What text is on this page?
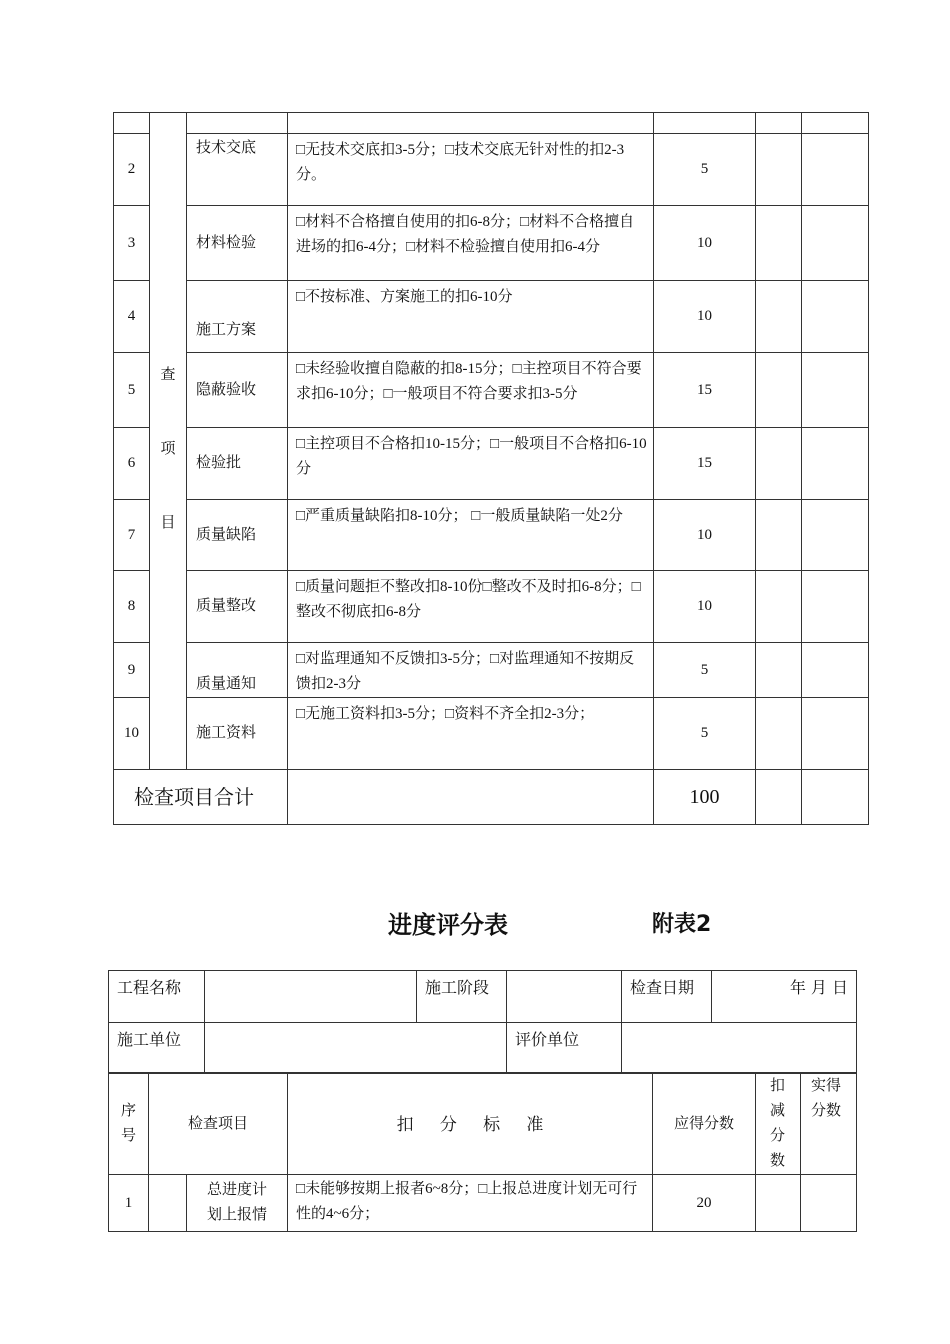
	查
项
目					

2		技术交底	□无技术交底扣3-5分；□技术交底无针对性的扣2-3分。	5		
3		材料检验	□材料不合格擅自使用的扣6-8分；□材料不合格擅自进场的扣6-4分；□材料不检验擅自使用扣6-4分	10		
4		施工方案	□不按标准、方案施工的扣6-10分	10		
5		隐蔽验收	□未经验收擅自隐蔽的扣8-15分；□主控项目不符合要求扣6-10分；□一般项目不符合要求扣3-5分	15		
6		检验批	□主控项目不合格扣10-15分；□一般项目不合格扣6-10分	15		
7		质量缺陷	□严重质量缺陷扣8-10分； □一般质量缺陷一处2分	10		
8		质量整改	□质量问题拒不整改扣8-10份□整改不及时扣6-8分；□整改不彻底扣6-8分	10		
9		质量通知	□对监理通知不反馈扣3-5分；□对监理通知不按期反馈扣2-3分	5		
10		施工资料	□无施工资料扣3-5分；□资料不齐全扣2-3分；	5		
检查项目合计				100		
进度评分表	附表2
工程名称		施工阶段		检查日期	年 月 日
施工单位			评价单位		
序号	检查项目		扣 分 标 准	应得分数	扣减分数	实得分数
1		总进度计划上报情	□未能够按期上报者6~8分；□上报总进度计划无可行性的4~6分；	20		
